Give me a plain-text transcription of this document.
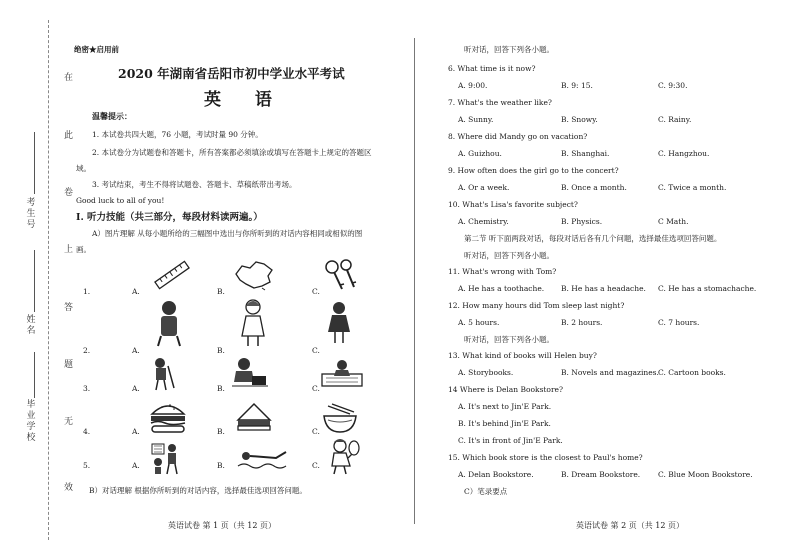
在
此
卷
上
答
题
无
效
考生号
姓名
毕业学校
绝密★启用前
2020 年湖南省岳阳市初中学业水平考试
英 语
温馨提示：
1. 本试卷共四大题，76 小题，考试时量 90 分钟。
2. 本试卷分为试题卷和答题卡，所有答案都必须填涂或填写在答题卡上规定的答题区
域。
3. 考试结束，考生不得将试题卷、答题卡、草稿纸带出考场。
Good luck to all of you!
Ⅰ. 听力技能（共三部分，每段材料读两遍。）
A）图片理解 从每小题所给的三幅图中选出与你所听到的对话内容相同或相似的图
画。
1.	A.	B.	C.
2.	A.	B.	C.
3.	A.	B.	C.
4.	A.	B.	C.
5.	A.	B.	C.
B）对话理解 根据你所听到的对话内容，选择最佳选项回答问题。
英语试卷 第 1 页（共 12 页）
听对话，回答下列各小题。
6. What time is it now?
A. 9:00.	B. 9: 15.	C. 9:30.
7. What's the weather like?
A. Sunny.	B. Snowy.	C. Rainy.
8. Where did Mandy go on vacation?
A. Guizhou.	B. Shanghai.	C. Hangzhou.
9. How often does the girl go to the concert?
A. Or a week.	B. Once a month.	C. Twice a month.
10. What's Lisa's favorite subject?
A. Chemistry.	B. Physics.	C Math.
第二节 听下面两段对话，每段对话后各有几个问题，选择最佳选项回答问题。
听对话，回答下列各小题。
11. What's wrong with Tom?
A. He has a toothache. B. He has a headache. C. He has a stomachache.
12. How many hours did Tom sleep last night?
A. 5 hours.	B. 2 hours.	C. 7 hours.
听对话，回答下列各小题。
13. What kind of books will Helen buy?
A. Storybooks.	B. Novels and magazines. C. Cartoon books.
14 Where is Delan Bookstore?
A. It's next to Jin'E Park.
B. It's behind Jin'E Park.
C. It's in front of Jin'E Park.
15. Which book store is the closest to Paul's home?
A. Delan Bookstore.	B. Dream Bookstore. C. Blue Moon Bookstore.
C）笔录要点
英语试卷 第 2 页（共 12 页）
